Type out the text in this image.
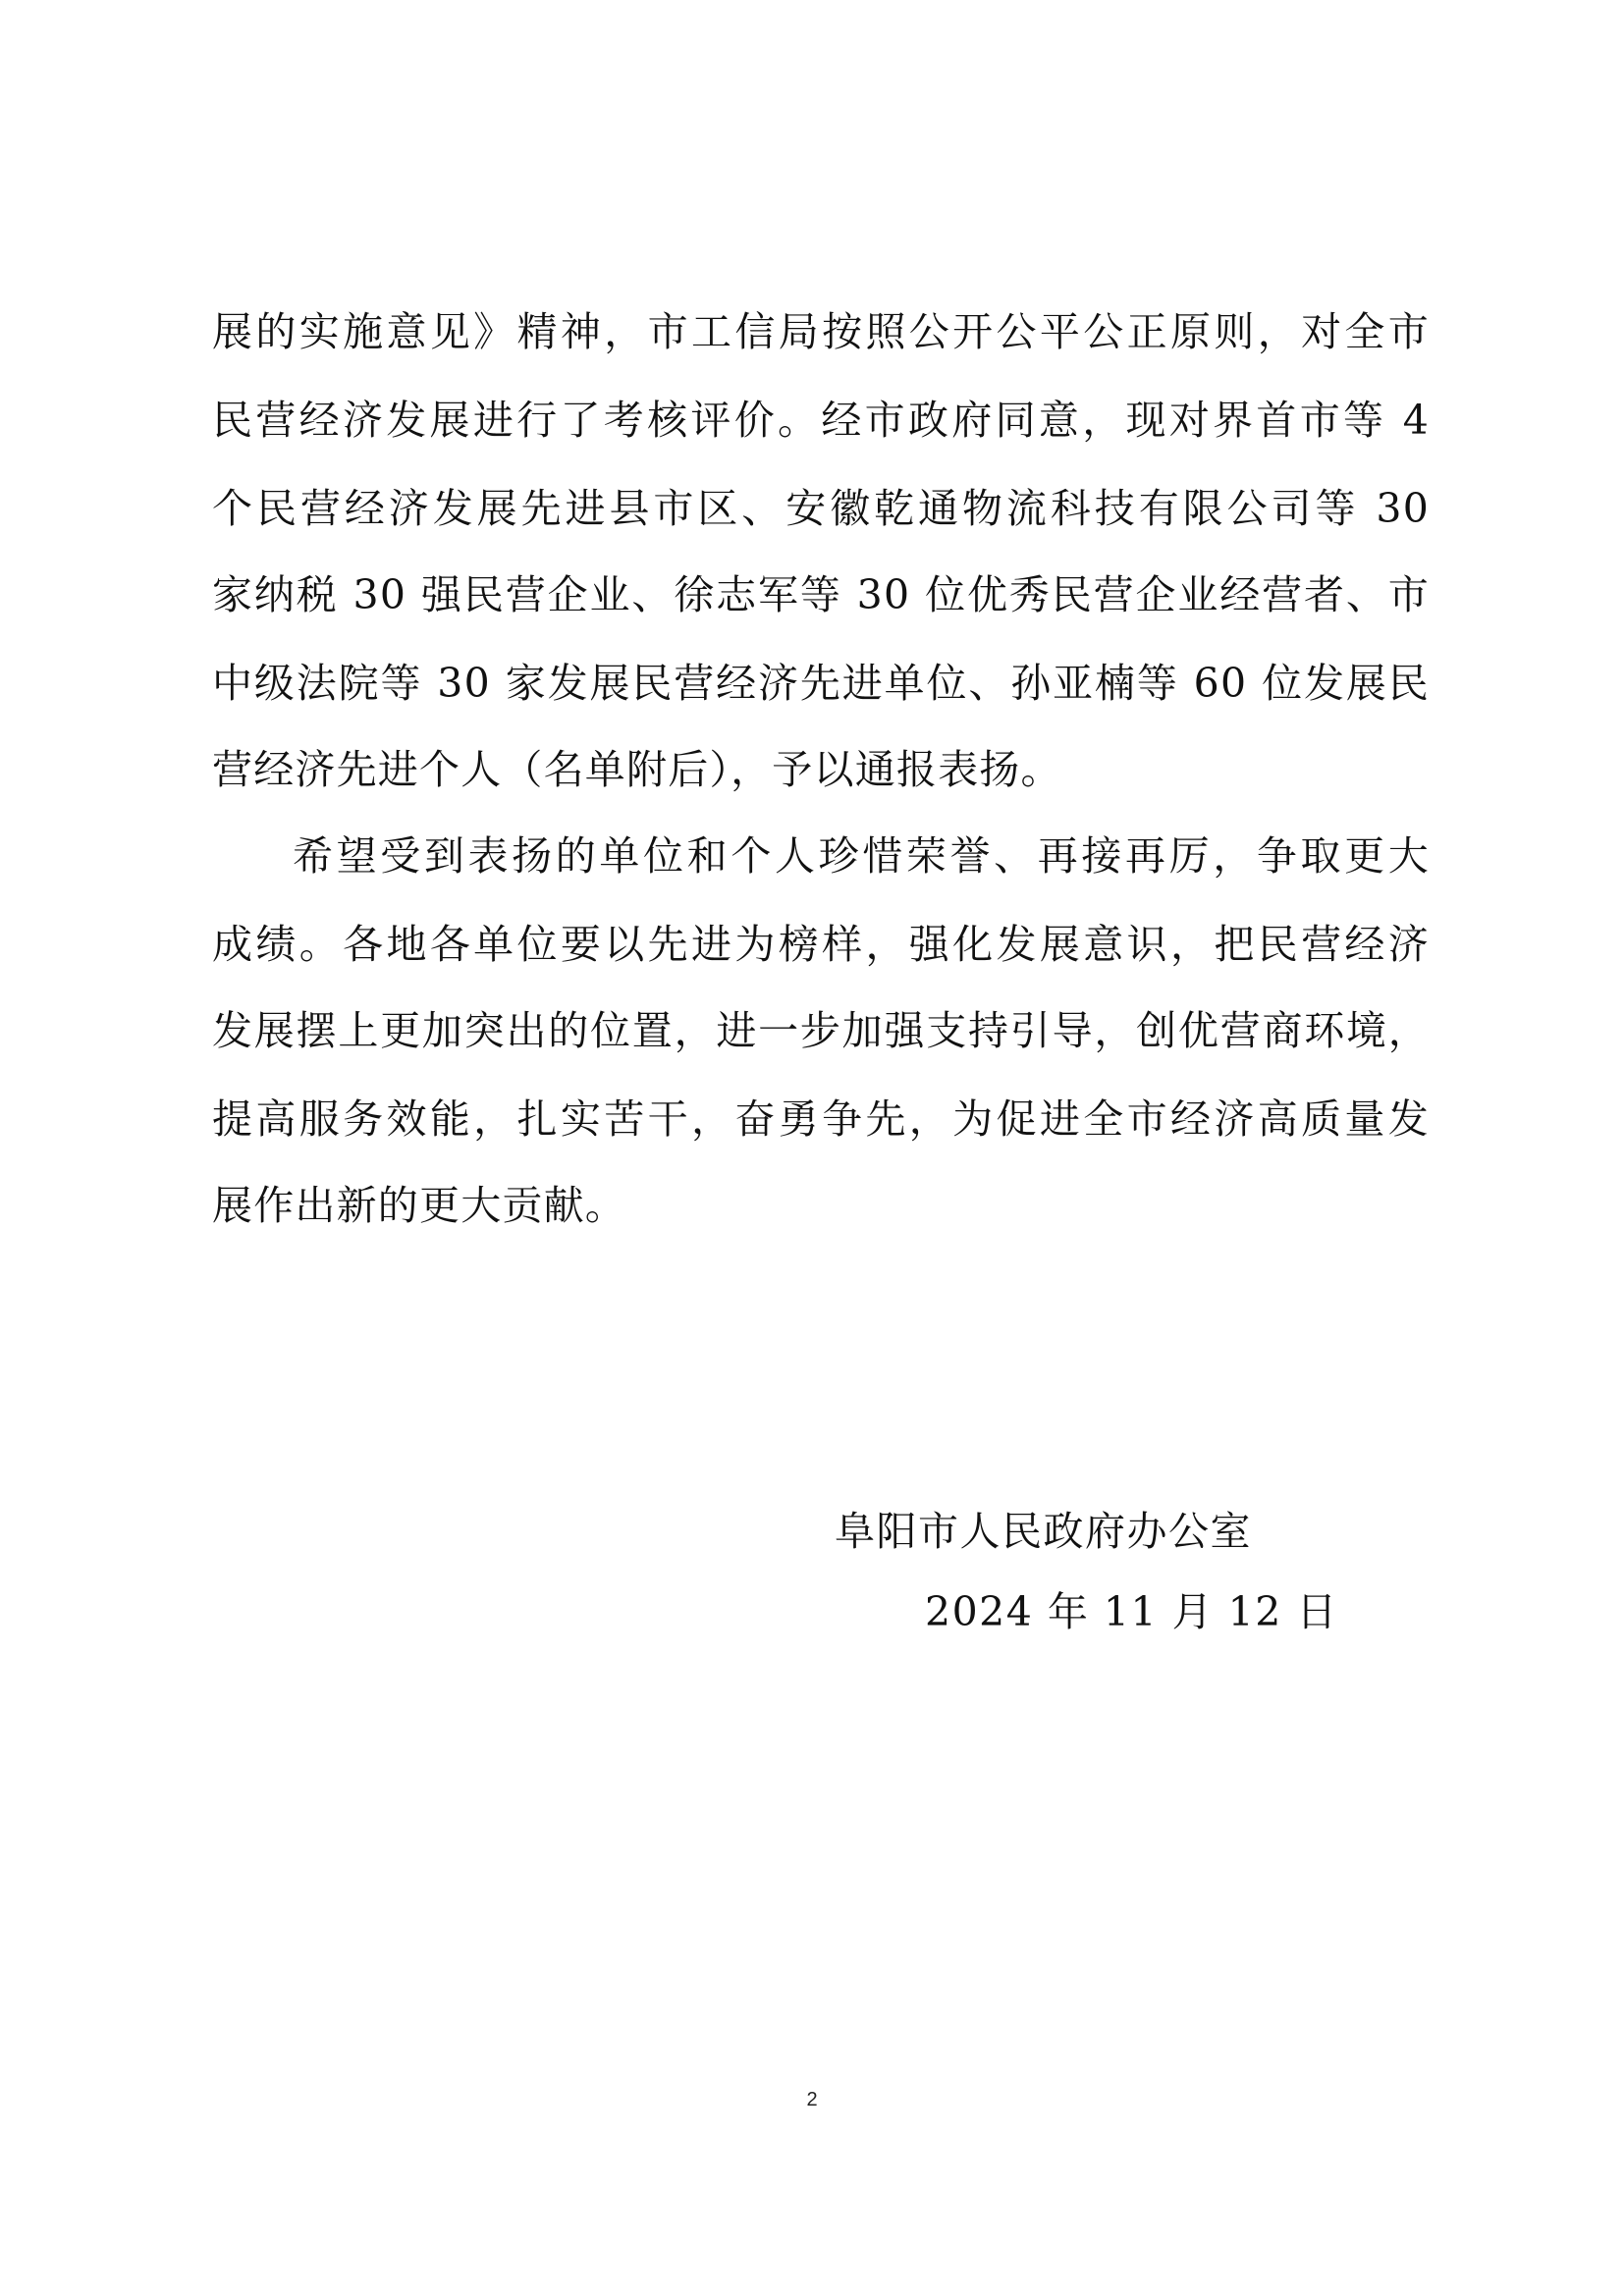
展的实施意见》精神，市工信局按照公开公平公正原则，对全市
民营经济发展进行了考核评价。经市政府同意，现对界首市等 4
个民营经济发展先进县市区、安徽乾通物流科技有限公司等 30
家纳税 30 强民营企业、徐志军等 30 位优秀民营企业经营者、市
中级法院等 30 家发展民营经济先进单位、孙亚楠等 60 位发展民
营经济先进个人（名单附后），予以通报表扬。
希望受到表扬的单位和个人珍惜荣誉、再接再厉，争取更大
成绩。各地各单位要以先进为榜样，强化发展意识，把民营经济
发展摆上更加突出的位置，进一步加强支持引导，创优营商环境，
提高服务效能，扎实苦干，奋勇争先，为促进全市经济高质量发
展作出新的更大贡献。
阜阳市人民政府办公室
2024 年 11 月 12 日
2
